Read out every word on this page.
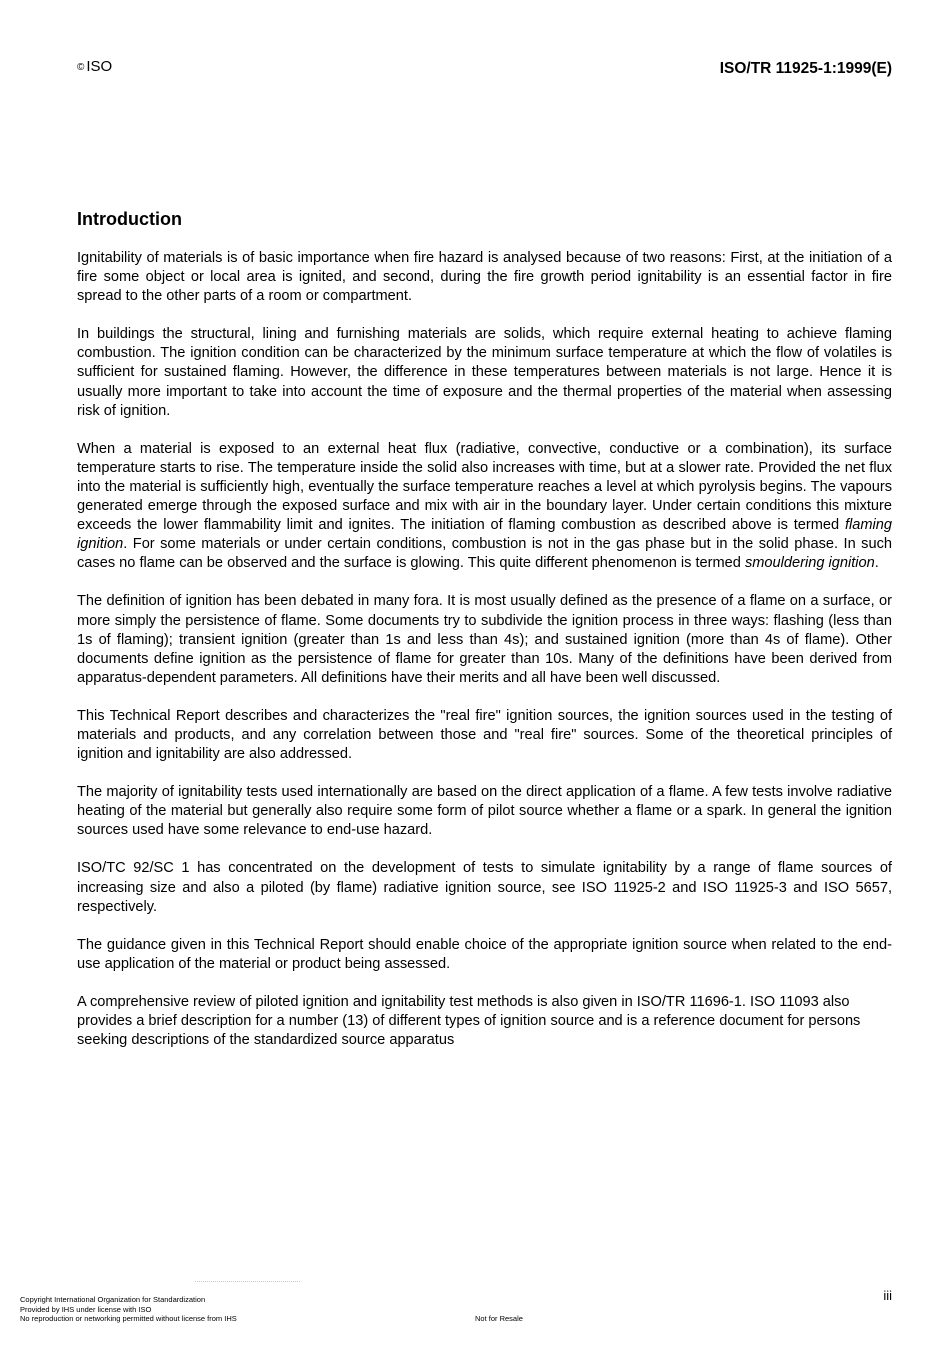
© ISO	ISO/TR 11925-1:1999(E)
Introduction

Ignitability of materials is of basic importance when fire hazard is analysed because of two reasons: First, at the initiation of a fire some object or local area is ignited, and second, during the fire growth period ignitability is an essential factor in fire spread to the other parts of a room or compartment.

In buildings the structural, lining and furnishing materials are solids, which require external heating to achieve flaming combustion. The ignition condition can be characterized by the minimum surface temperature at which the flow of volatiles is sufficient for sustained flaming. However, the difference in these temperatures between materials is not large. Hence it is usually more important to take into account the time of exposure and the thermal properties of the material when assessing risk of ignition.

When a material is exposed to an external heat flux (radiative, convective, conductive or a combination), its surface temperature starts to rise. The temperature inside the solid also increases with time, but at a slower rate. Provided the net flux into the material is sufficiently high, eventually the surface temperature reaches a level at which pyrolysis begins. The vapours generated emerge through the exposed surface and mix with air in the boundary layer. Under certain conditions this mixture exceeds the lower flammability limit and ignites. The initiation of flaming combustion as described above is termed flaming ignition. For some materials or under certain conditions, combustion is not in the gas phase but in the solid phase. In such cases no flame can be observed and the surface is glowing. This quite different phenomenon is termed smouldering ignition.

The definition of ignition has been debated in many fora. It is most usually defined as the presence of a flame on a surface, or more simply the persistence of flame. Some documents try to subdivide the ignition process in three ways: flashing (less than 1s of flaming); transient ignition (greater than 1s and less than 4s); and sustained ignition (more than 4s of flame). Other documents define ignition as the persistence of flame for greater than 10s. Many of the definitions have been derived from apparatus-dependent parameters. All definitions have their merits and all have been well discussed.

This Technical Report describes and characterizes the "real fire" ignition sources, the ignition sources used in the testing of materials and products, and any correlation between those and "real fire" sources. Some of the theoretical principles of ignition and ignitability are also addressed.

The majority of ignitability tests used internationally are based on the direct application of a flame. A few tests involve radiative heating of the material but generally also require some form of pilot source whether a flame or a spark. In general the ignition sources used have some relevance to end-use hazard.

ISO/TC 92/SC 1 has concentrated on the development of tests to simulate ignitability by a range of flame sources of increasing size and also a piloted (by flame) radiative ignition source, see ISO 11925-2 and ISO 11925-3 and ISO 5657, respectively.

The guidance given in this Technical Report should enable choice of the appropriate ignition source when related to the end-use application of the material or product being assessed.

A comprehensive review of piloted ignition and ignitability test methods is also given in ISO/TR 11696-1. ISO 11093 also provides a brief description for a number (13) of different types of ignition source and is a reference document for persons seeking descriptions of the standardized source apparatus

iii
Copyright International Organization for Standardization
Provided by IHS under license with ISO
No reproduction or networking permitted without license from IHS	Not for Resale
